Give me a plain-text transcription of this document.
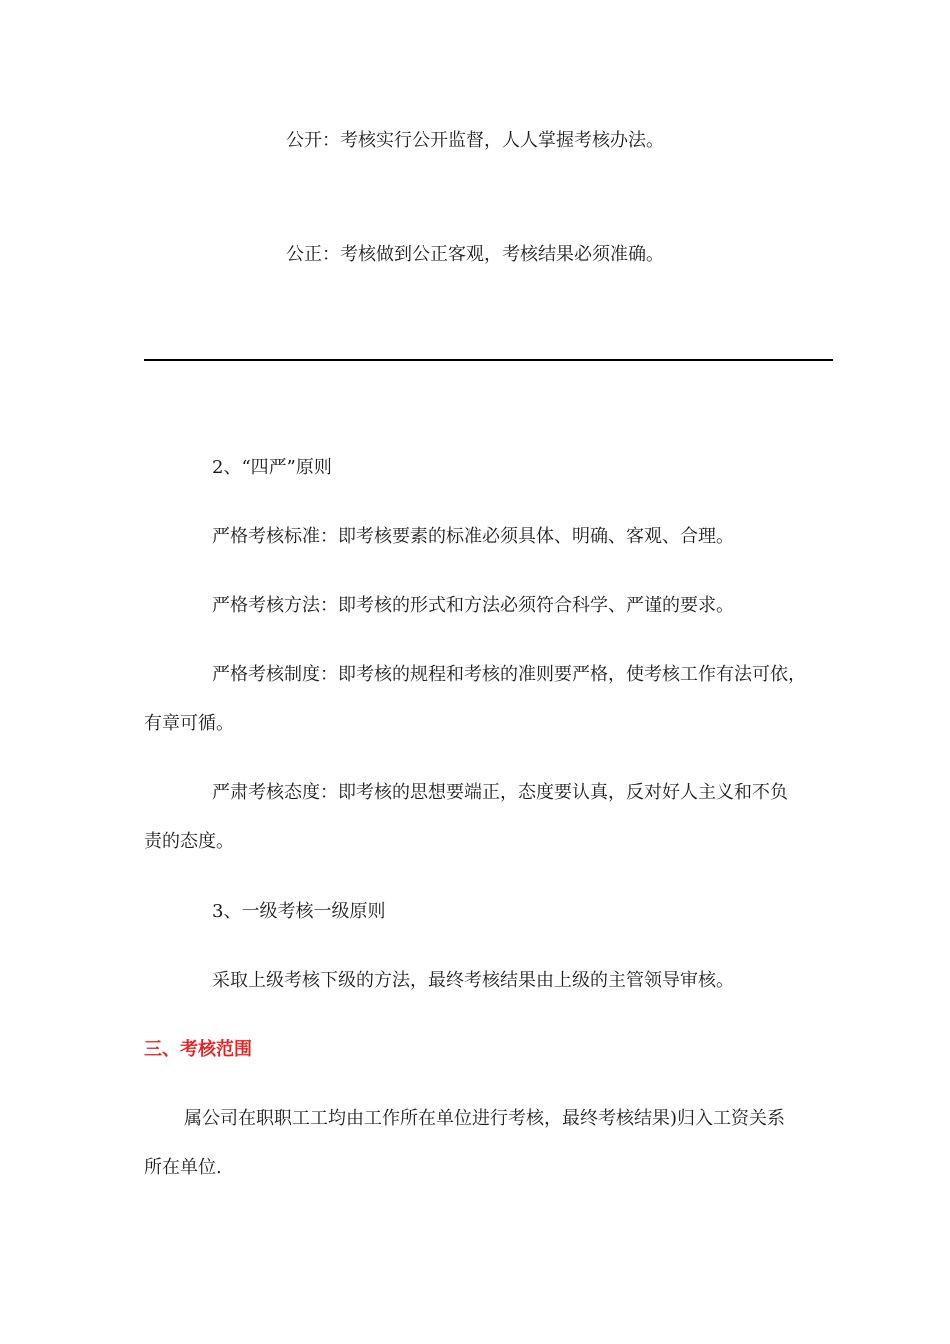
公开：考核实行公开监督，人人掌握考核办法。
公正：考核做到公正客观，考核结果必须准确。
2、“四严”原则
严格考核标准：即考核要素的标准必须具体、明确、客观、合理。
严格考核方法：即考核的形式和方法必须符合科学、严谨的要求。
严格考核制度：即考核的规程和考核的准则要严格，使考核工作有法可依，
有章可循。
严肃考核态度：即考核的思想要端正，态度要认真，反对好人主义和不负
责的态度。
3、一级考核一级原则
采取上级考核下级的方法，最终考核结果由上级的主管领导审核。
三、考核范围
属公司在职职工工均由工作所在单位进行考核，最终考核结果)归入工资关系
所在单位.
